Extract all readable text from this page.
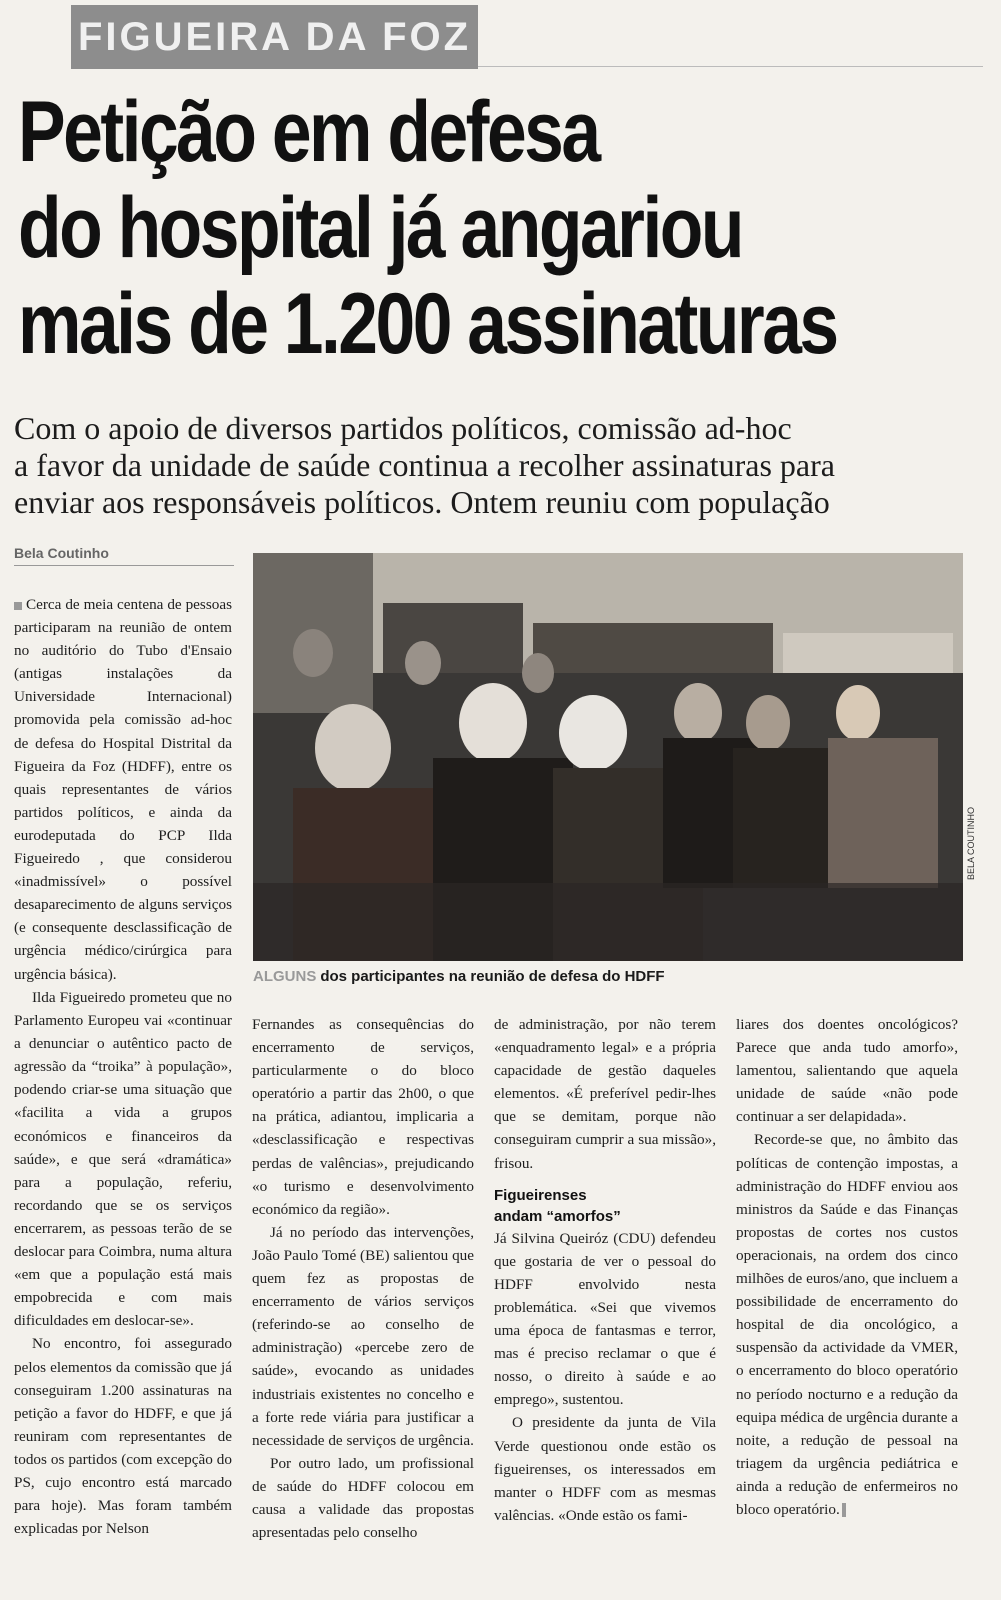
FIGUEIRA DA FOZ
Petição em defesa
do hospital já angariou
mais de 1.200 assinaturas
Com o apoio de diversos partidos políticos, comissão ad-hoc
a favor da unidade de saúde continua a recolher assinaturas para
enviar aos responsáveis políticos. Ontem reuniu com população
Bela Coutinho

Cerca de meia centena de pessoas participaram na reunião de ontem no auditório do Tubo d'Ensaio (antigas instalações da Universidade Internacional) promovida pela comissão ad-hoc de defesa do Hospital Distrital da Figueira da Foz (HDFF), entre os quais representantes de vários partidos políticos, e ainda da eurodeputada do PCP Ilda Figueiredo , que considerou «inadmissível» o possível desaparecimento de alguns serviços (e consequente desclassificação de urgência médico/cirúrgica para urgência básica).

BELA COUTINHO
ALGUNS dos participantes na reunião de defesa do HDFF

Ilda Figueiredo prometeu que no Parlamento Europeu vai «continuar a denunciar o autêntico pacto de agressão da “troika” à população», podendo criar-se uma situação que «facilita a vida a grupos económicos e financeiros da saúde», e que será «dramática» para a população, referiu, recordando que se os serviços encerrarem, as pessoas terão de se deslocar para Coimbra, numa altura «em que a população está mais empobrecida e com mais dificuldades em deslocar-se».

No encontro, foi assegurado pelos elementos da comissão que já conseguiram 1.200 assinaturas na petição a favor do HDFF, e que já reuniram com representantes de todos os partidos (com excepção do PS, cujo encontro está marcado para hoje). Mas foram também explicadas por Nelson

Fernandes as consequências do encerramento de serviços, particularmente o do bloco operatório a partir das 2h00, o que na prática, adiantou, implicaria a «desclassificação e respectivas perdas de valências», prejudicando «o turismo e desenvolvimento económico da região».

Já no período das intervenções, João Paulo Tomé (BE) salientou que quem fez as propostas de encerramento de vários serviços (referindo-se ao conselho de administração) «percebe zero de saúde», evocando as unidades industriais existentes no concelho e a forte rede viária para justificar a necessidade de serviços de urgência.

Por outro lado, um profissional de saúde do HDFF colocou em causa a validade das propostas apresentadas pelo conselho

de administração, por não terem «enquadramento legal» e a própria capacidade de gestão daqueles elementos. «É preferível pedir-lhes que se demitam, porque não conseguiram cumprir a sua missão», frisou.

Figueirenses
andam “amorfos”

Já Silvina Queiróz (CDU) defendeu que gostaria de ver o pessoal do HDFF envolvido nesta problemática. «Sei que vivemos uma época de fantasmas e terror, mas é preciso reclamar o que é nosso, o direito à saúde e ao emprego», sustentou.

O presidente da junta de Vila Verde questionou onde estão os figueirenses, os interessados em manter o HDFF com as mesmas valências. «Onde estão os fami-

liares dos doentes oncológicos? Parece que anda tudo amorfo», lamentou, salientando que aquela unidade de saúde «não pode continuar a ser delapidada».

Recorde-se que, no âmbito das políticas de contenção impostas, a administração do HDFF enviou aos ministros da Saúde e das Finanças propostas de cortes nos custos operacionais, na ordem dos cinco milhões de euros/ano, que incluem a possibilidade de encerramento do hospital de dia oncológico, a suspensão da actividade da VMER, o encerramento do bloco operatório no período nocturno e a redução da equipa médica de urgência durante a noite, a redução de pessoal na triagem da urgência pediátrica e ainda a redução de enfermeiros no bloco operatório.
